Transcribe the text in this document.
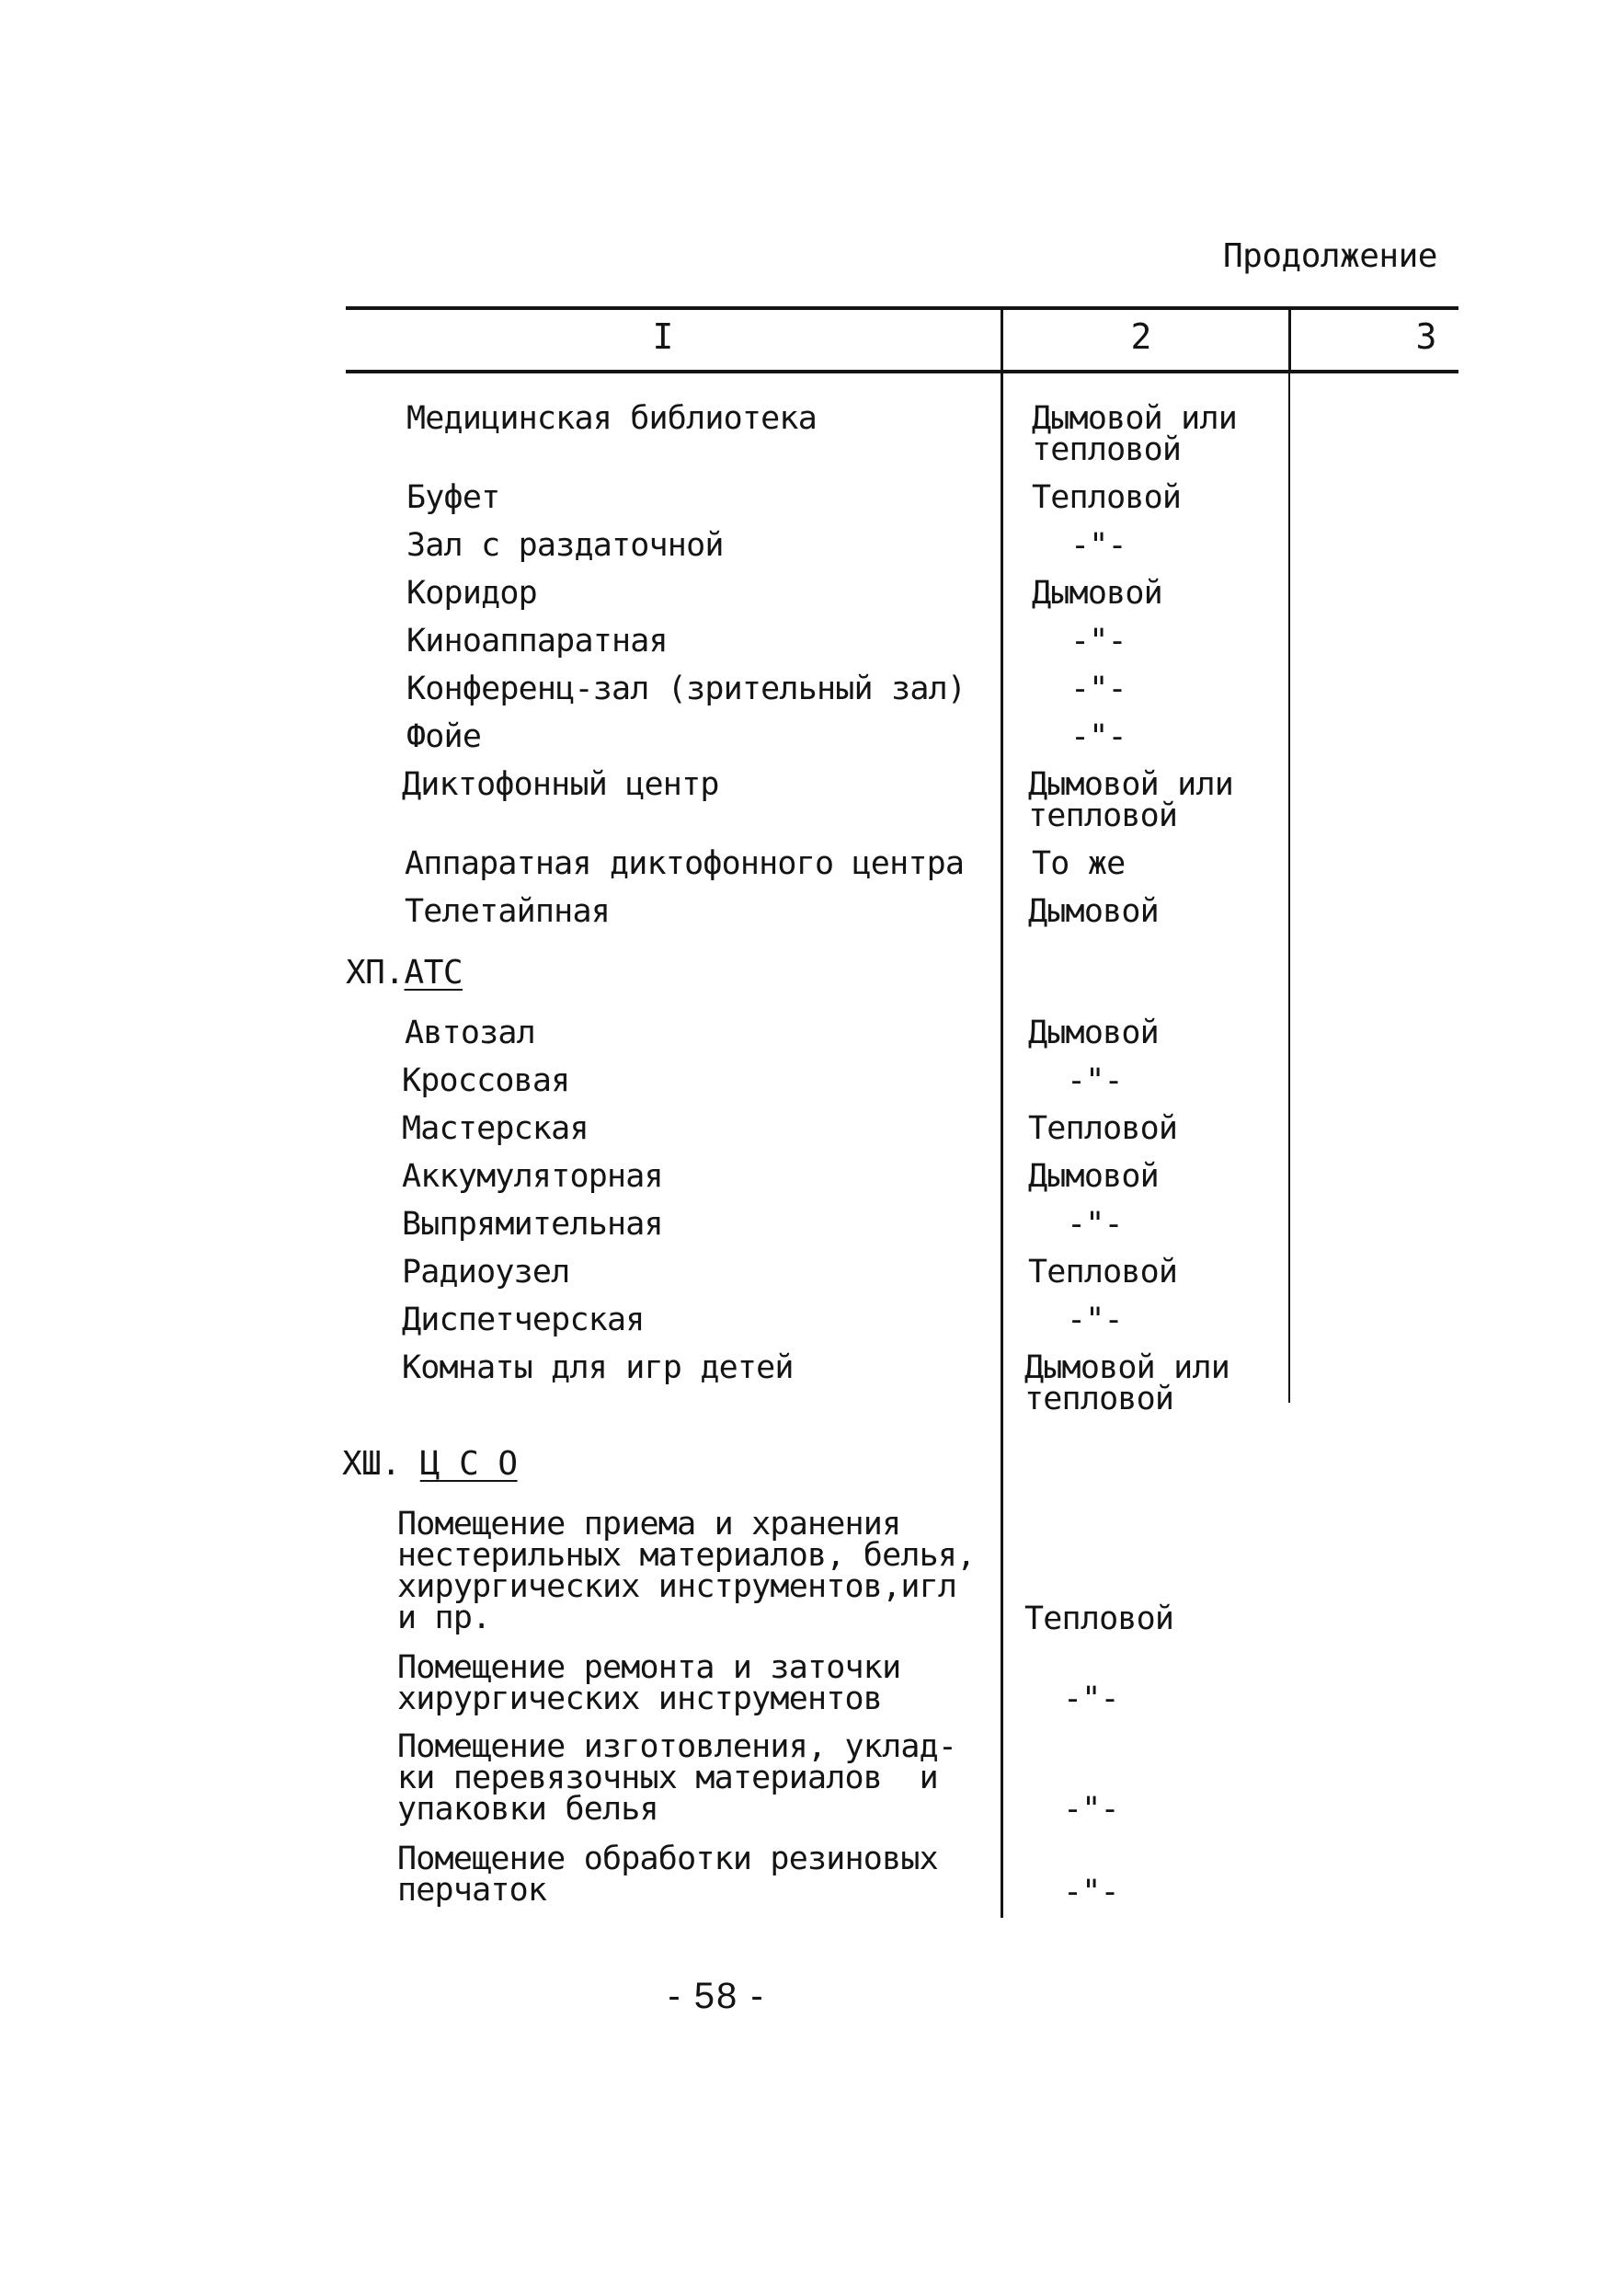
Продолжение
I	2	3
Медицинская библиотека	Дымовой или
тепловой
Буфет	Тепловой
Зал с раздаточной	-"-
Коридор	Дымовой
Киноаппаратная	-"-
Конференц-зал (зрительный зал)	-"-
Фойе	-"-
Диктофонный центр	Дымовой или
тепловой
Аппаратная диктофонного центра То же
Телетайпная	Дымовой
ХП.АТС
Автозал	Дымовой
Кроссовая	-"-
Мастерская	Тепловой
Аккумуляторная	Дымовой
Выпрямительная	-"-
Радиоузел	Тепловой
Диспетчерская	-"-
Комнаты для игр детей	Дымовой или
тепловой
ХШ. Ц С О
Помещение приема и хранения
нестерильных материалов, белья,
хирургических инструментов,игл
и пр.	Тепловой
Помещение ремонта и заточки
хирургических инструментов	-"-
Помещение изготовления, уклад-
ки перевязочных материалов  и
упаковки белья	-"-
Помещение обработки резиновых
перчаток	-"-
- 58 -
